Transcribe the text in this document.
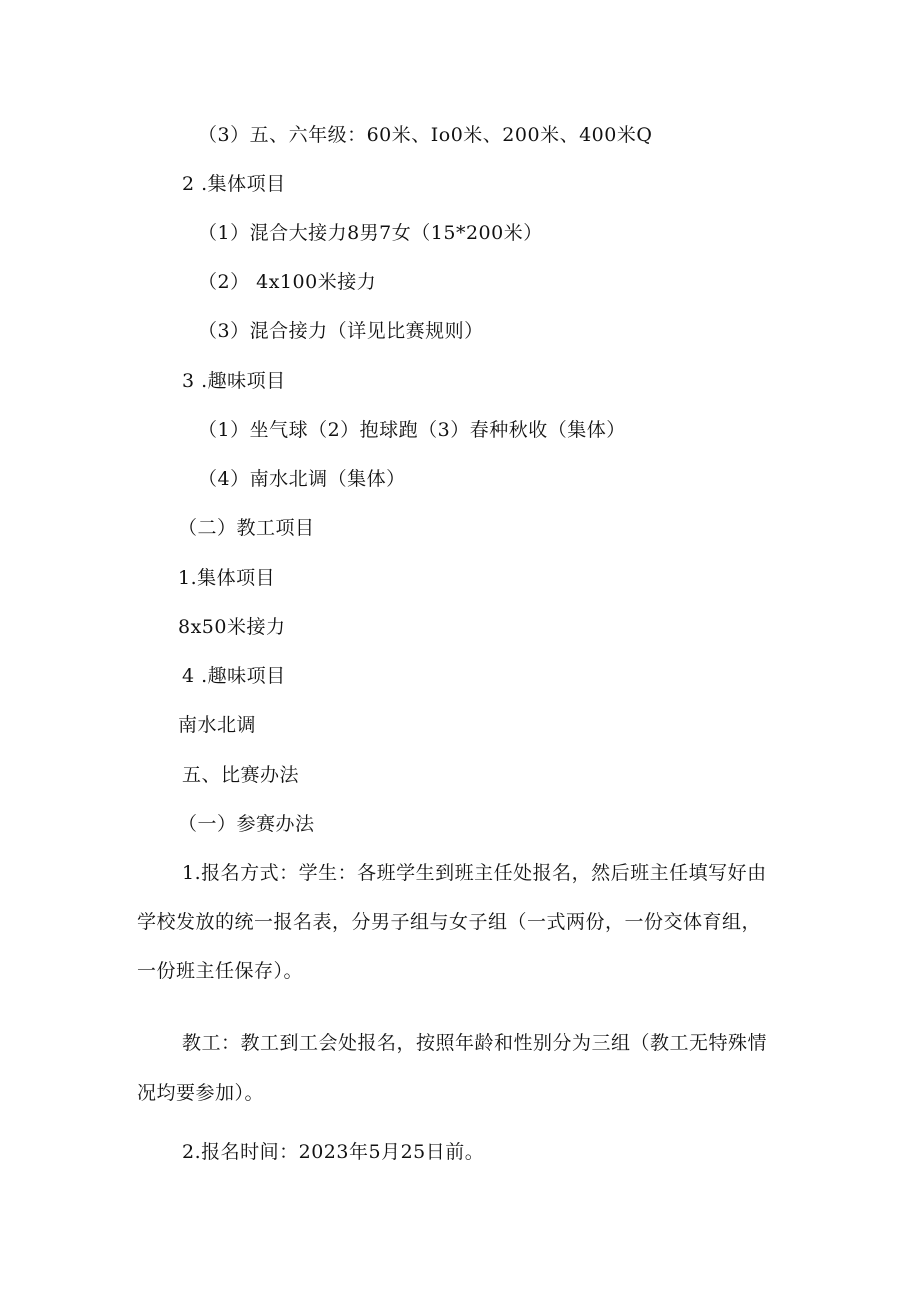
（3）五、六年级：60米、Io0米、200米、400米Q
2 .集体项目
（1）混合大接力8男7女（15*200米）
（2） 4x100米接力
（3）混合接力（详见比赛规则）
3 .趣味项目
（1）坐气球（2）抱球跑（3）春种秋收（集体）
（4）南水北调（集体）
（二）教工项目
1.集体项目
8x50米接力
4 .趣味项目
南水北调
五、比赛办法
（一）参赛办法
1.报名方式：学生：各班学生到班主任处报名，然后班主任填写好由
学校发放的统一报名表，分男子组与女子组（一式两份，一份交体育组，
一份班主任保存）。
教工：教工到工会处报名，按照年龄和性别分为三组（教工无特殊情
况均要参加）。
2.报名时间：2023年5月25日前。
